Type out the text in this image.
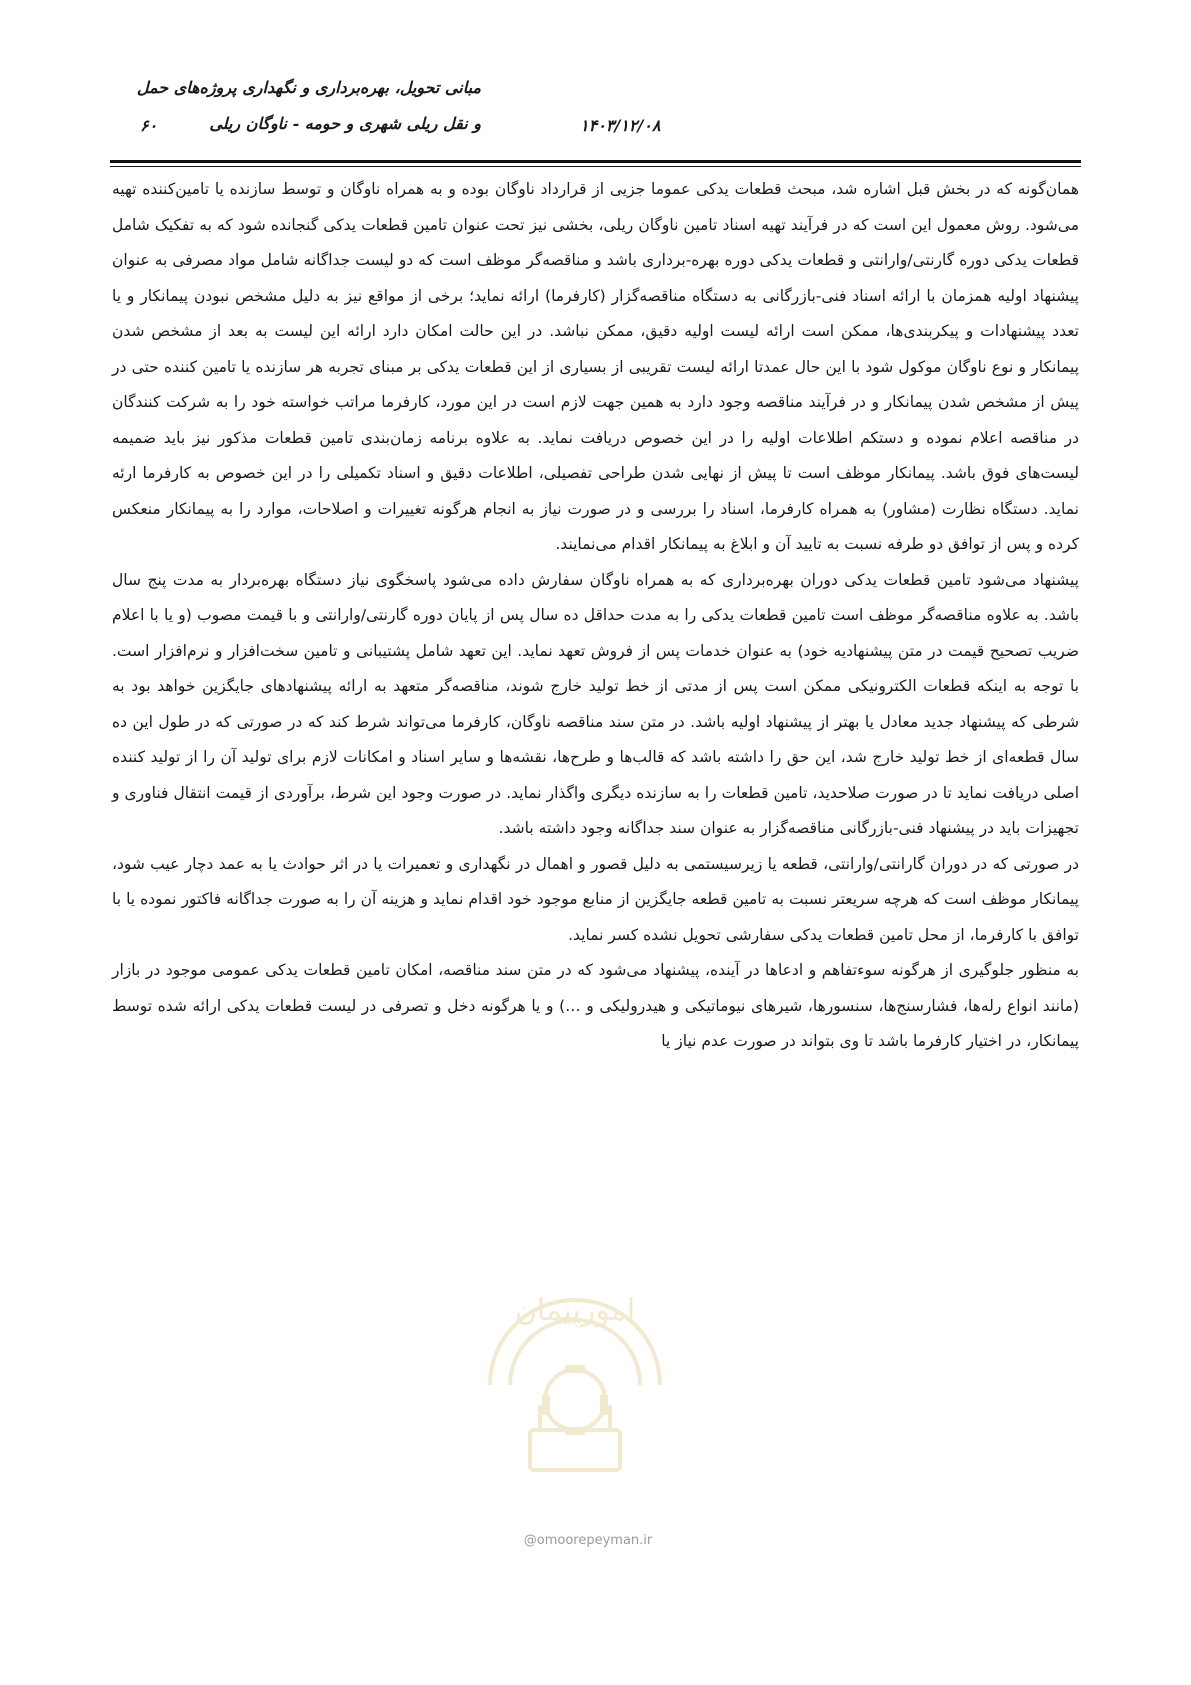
مبانی تحویل، بهره‌برداری و نگهداری پروژه‌های حمل
و نقل ریلی شهری و حومه - ناوگان ریلی	۱۴۰۳/۱۲/۰۸
۶۰

همان‌گونه که در بخش قبل اشاره شد، مبحث قطعات یدکی عموما جزیی از قرارداد ناوگان بوده و به همراه ناوگان و توسط سازنده یا تامین‌کننده تهیه می‌شود. روش معمول این است که در فرآیند تهیه اسناد تامین ناوگان ریلی، بخشی نیز تحت عنوان تامین قطعات یدکی گنجانده شود که به تفکیک شامل قطعات یدکی دوره گارنتی/وارانتی و قطعات یدکی دوره بهره-برداری باشد و مناقصه‌گر موظف است که دو لیست جداگانه شامل مواد مصرفی به عنوان پیشنهاد اولیه همزمان با ارائه اسناد فنی-بازرگانی به دستگاه مناقصه‌گزار (کارفرما) ارائه نماید؛ برخی از مواقع نیز به دلیل مشخص نبودن پیمانکار و یا تعدد پیشنهادات و پیکربندی‌ها، ممکن است ارائه لیست اولیه دقیق، ممکن نباشد. در این حالت امکان دارد ارائه این لیست به بعد از مشخص شدن پیمانکار و نوع ناوگان موکول شود با این حال عمدتا ارائه لیست تقریبی از بسیاری از این قطعات یدکی بر مبنای تجربه هر سازنده یا تامین کننده حتی در پیش از مشخص شدن پیمانکار و در فرآیند مناقصه وجود دارد به همین جهت لازم است در این مورد، کارفرما مراتب خواسته خود را به شرکت کنندگان در مناقصه اعلام نموده و دستکم اطلاعات اولیه را در این خصوص دریافت نماید. به علاوه برنامه زمان‌بندی تامین قطعات مذکور نیز باید ضمیمه لیست‌های فوق باشد. پیمانکار موظف است تا پیش از نهایی شدن طراحی تفصیلی، اطلاعات دقیق و اسناد تکمیلی را در این خصوص به کارفرما ارئه نماید. دستگاه نظارت (مشاور) به همراه کارفرما، اسناد را بررسی و در صورت نیاز به انجام هرگونه تغییرات و اصلاحات، موارد را به پیمانکار منعکس کرده و پس از توافق دو طرفه نسبت به تایید آن و ابلاغ به پیمانکار اقدام می‌نمایند.

پیشنهاد می‌شود تامین قطعات یدکی دوران بهره‌برداری که به همراه ناوگان سفارش داده می‌شود پاسخگوی نیاز دستگاه بهره‌بردار به مدت پنج سال باشد. به علاوه مناقصه‌گر موظف است تامین قطعات یدکی را به مدت حداقل ده سال پس از پایان دوره گارنتی/وارانتی و با قیمت مصوب (و یا با اعلام ضریب تصحیح قیمت در متن پیشنهادیه خود) به عنوان خدمات پس از فروش تعهد نماید. این تعهد شامل پشتیبانی و تامین سخت‌افزار و نرم‌افزار است. با توجه به اینکه قطعات الکترونیکی ممکن است پس از مدتی از خط تولید خارج شوند، مناقصه‌گر متعهد به ارائه پیشنهادهای جایگزین خواهد بود به شرطی که پیشنهاد جدید معادل یا بهتر از پیشنهاد اولیه باشد. در متن سند مناقصه ناوگان، کارفرما می‌تواند شرط کند که در صورتی که در طول این ده سال قطعه‌ای از خط تولید خارج شد، این حق را داشته باشد که قالب‌ها و طرح‌ها، نقشه‌ها و سایر اسناد و امکانات لازم برای تولید آن را از تولید کننده اصلی دریافت نماید تا در صورت صلاحدید، تامین قطعات را به سازنده دیگری واگذار نماید. در صورت وجود این شرط، برآوردی از قیمت انتقال فناوری و تجهیزات باید در پیشنهاد فنی-بازرگانی مناقصه‌گزار به عنوان سند جداگانه وجود داشته باشد.

در صورتی که در دوران گارانتی/وارانتی، قطعه یا زیرسیستمی به دلیل قصور و اهمال در نگهداری و تعمیرات یا در اثر حوادث یا به عمد دچار عیب شود، پیمانکار موظف است که هرچه سریعتر نسبت به تامین قطعه جایگزین از منابع موجود خود اقدام نماید و هزینه آن را به صورت جداگانه فاکتور نموده یا با توافق با کارفرما، از محل تامین قطعات یدکی سفارشی تحویل نشده کسر نماید.

به منظور جلوگیری از هرگونه سوءتفاهم و ادعاها در آینده، پیشنهاد می‌شود که در متن سند مناقصه، امکان تامین قطعات یدکی عمومی موجود در بازار (مانند انواع رله‌ها، فشارسنج‌ها، سنسورها، شیرهای نیوماتیکی و هیدرولیکی و …) و یا هرگونه دخل و تصرفی در لیست قطعات یدکی ارائه شده توسط پیمانکار، در اختیار کارفرما باشد تا وی بتواند در صورت عدم نیاز یا

امورپیمان
@omoorepeyman.ir
